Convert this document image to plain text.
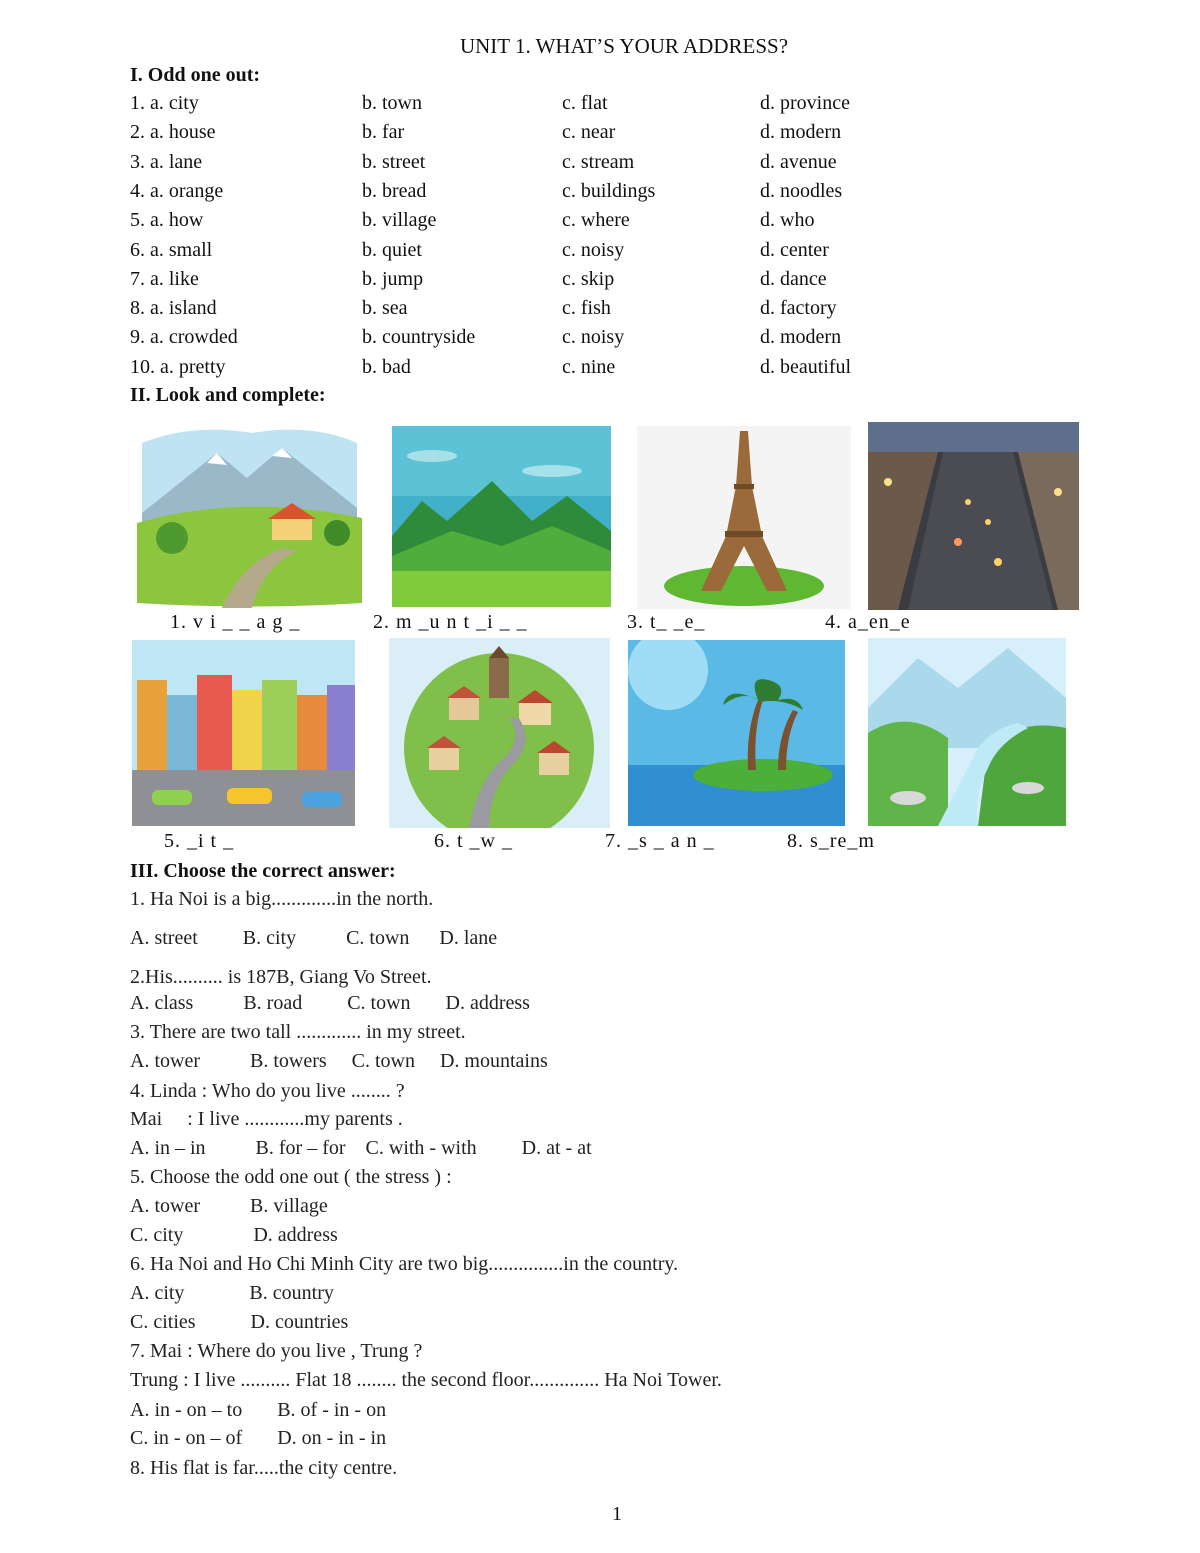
UNIT 1. WHAT’S YOUR ADDRESS?
I. Odd one out:
1. a. city	b. town	c. flat	d. province
2. a. house	b. far	c. near	d. modern
3. a. lane	b. street	c. stream	d. avenue
4. a. orange	b. bread	c. buildings	d. noodles
5. a. how	b. village	c. where	d. who
6. a. small	b. quiet	c. noisy	d. center
7. a. like	b. jump	c. skip	d. dance
8. a. island	b. sea	c. fish	d. factory
9. a. crowded	b. countryside	c. noisy	d. modern
10. a. pretty	b. bad	c. nine	d. beautiful
II. Look and complete:
1. v i _ _ a g _	2. m _u n t _i _ _	3. t_ _e_	4. a_en_e
5. _i t _	6. t _w _	7. _s _ a n _	8. s_re_m
III. Choose the correct answer:
1. Ha Noi is a big.............in the north.
A. street         B. city          C. town      D. lane
2.His.......... is 187B, Giang Vo Street.
A. class          B. road         C. town       D. address
3. There are two tall ............. in my street.
A. tower          B. towers     C. town     D. mountains
4. Linda : Who do you live ........ ?
Mai     : I live ............my parents .
A. in – in          B. for – for    C. with - with         D. at - at
5. Choose the odd one out ( the stress ) :
A. tower          B. village
C. city              D. address
6. Ha Noi and Ho Chi Minh City are two big...............in the country.
A. city             B. country
C. cities           D. countries
7. Mai : Where do you live , Trung ?
Trung : I live .......... Flat 18 ........ the second floor.............. Ha Noi Tower.
A. in - on – to       B. of - in - on
C. in - on – of       D. on - in - in
8. His flat is far.....the city centre.
1
